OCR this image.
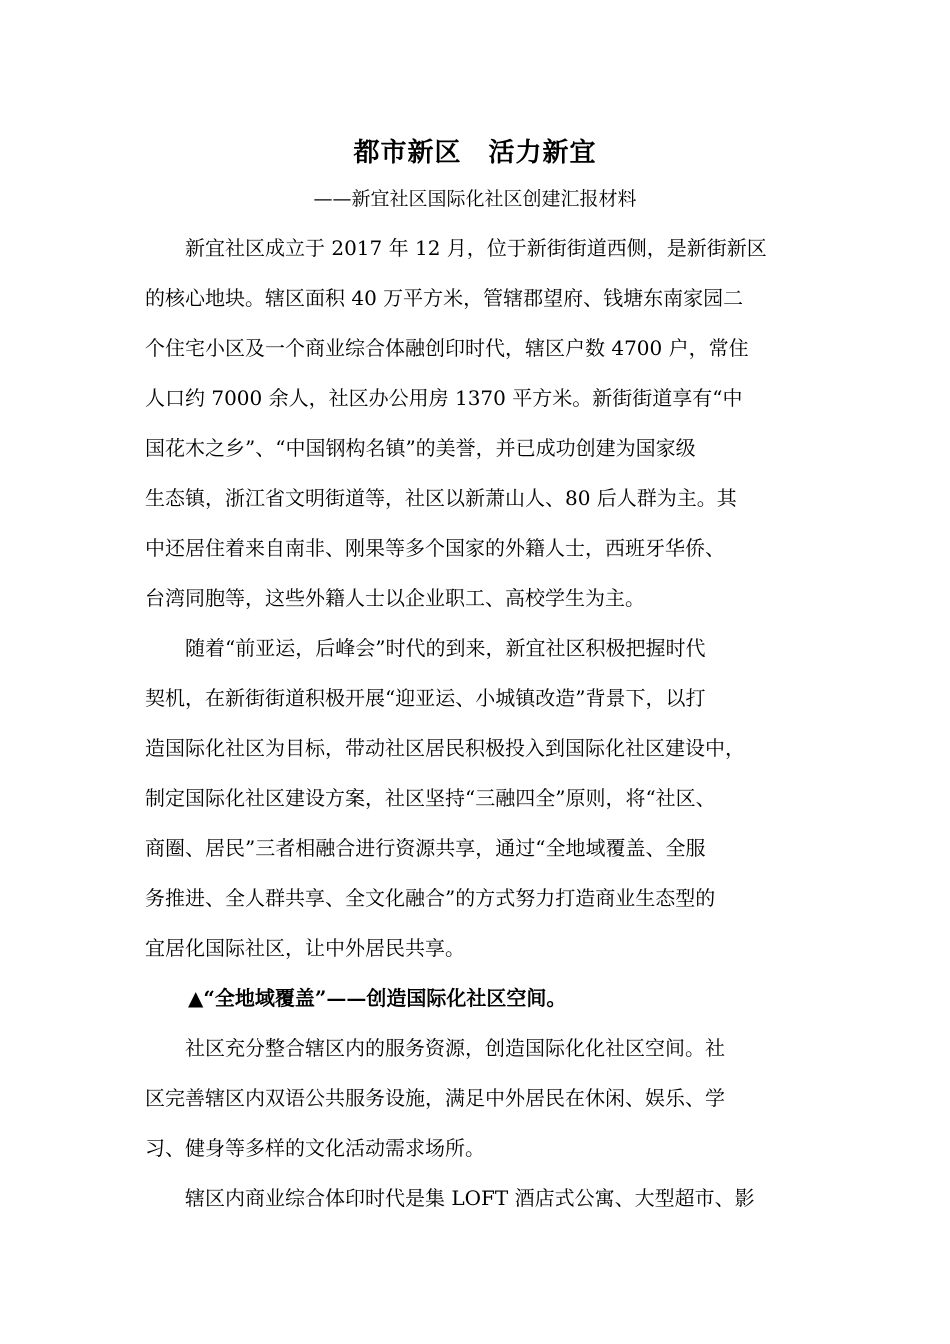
都市新区　活力新宜
——新宜社区国际化社区创建汇报材料
　　新宜社区成立于 2017 年 12 月，位于新街街道西侧，是新街新区
的核心地块。辖区面积 40 万平方米，管辖郡望府、钱塘东南家园二
个住宅小区及一个商业综合体融创印时代，辖区户数 4700 户，常住
人口约 7000 余人，社区办公用房 1370 平方米。新街街道享有“中
国花木之乡”、“中国钢构名镇”的美誉，并已成功创建为国家级
生态镇，浙江省文明街道等，社区以新萧山人、80 后人群为主。其
中还居住着来自南非、刚果等多个国家的外籍人士，西班牙华侨、
台湾同胞等，这些外籍人士以企业职工、高校学生为主。
　　随着“前亚运，后峰会”时代的到来，新宜社区积极把握时代
契机，在新街街道积极开展“迎亚运、小城镇改造”背景下，以打
造国际化社区为目标，带动社区居民积极投入到国际化社区建设中，
制定国际化社区建设方案，社区坚持“三融四全”原则，将“社区、
商圈、居民”三者相融合进行资源共享，通过“全地域覆盖、全服
务推进、全人群共享、全文化融合”的方式努力打造商业生态型的
宜居化国际社区，让中外居民共享。
▲“全地域覆盖”——创造国际化社区空间。
　　社区充分整合辖区内的服务资源，创造国际化化社区空间。社
区完善辖区内双语公共服务设施，满足中外居民在休闲、娱乐、学
习、健身等多样的文化活动需求场所。
　　辖区内商业综合体印时代是集 LOFT 酒店式公寓、大型超市、影
